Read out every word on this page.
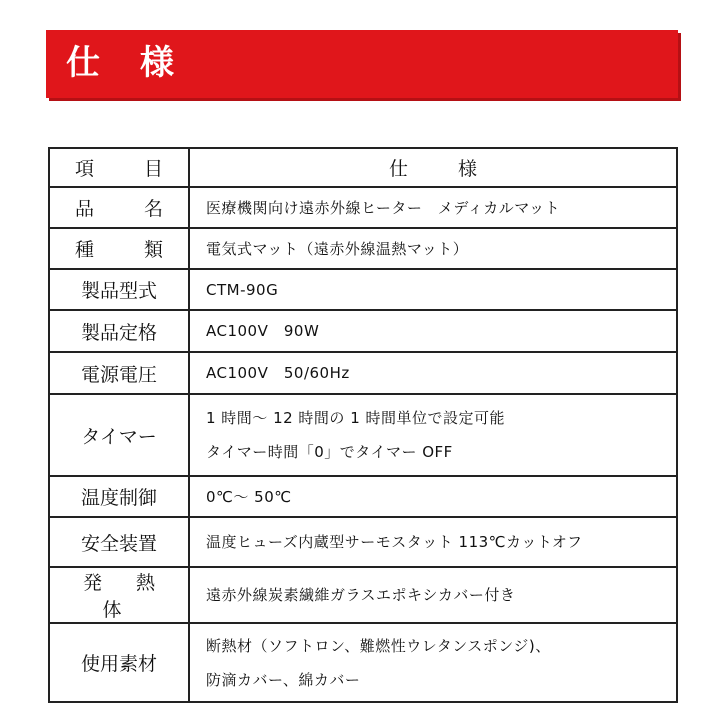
仕 様
項 目	仕 様
品 名	医療機関向け遠赤外線ヒーター　メディカルマット

種 類	電気式マット（遠赤外線温熱マット）

製品型式	CTM-90G

製品定格	AC100V　90W

電源電圧	AC100V　50/60Hz

タイマー	1 時間～ 12 時間の 1 時間単位で設定可能
タイマー時間「0」でタイマー OFF

温度制御	0℃～ 50℃

安全装置	温度ヒューズ内蔵型サーモスタット 113℃カットオフ

発 熱 体	遠赤外線炭素繊維ガラスエポキシカバー付き

使用素材	断熱材（ソフトロン、難燃性ウレタンスポンジ)、
防滴カバー、綿カバー
